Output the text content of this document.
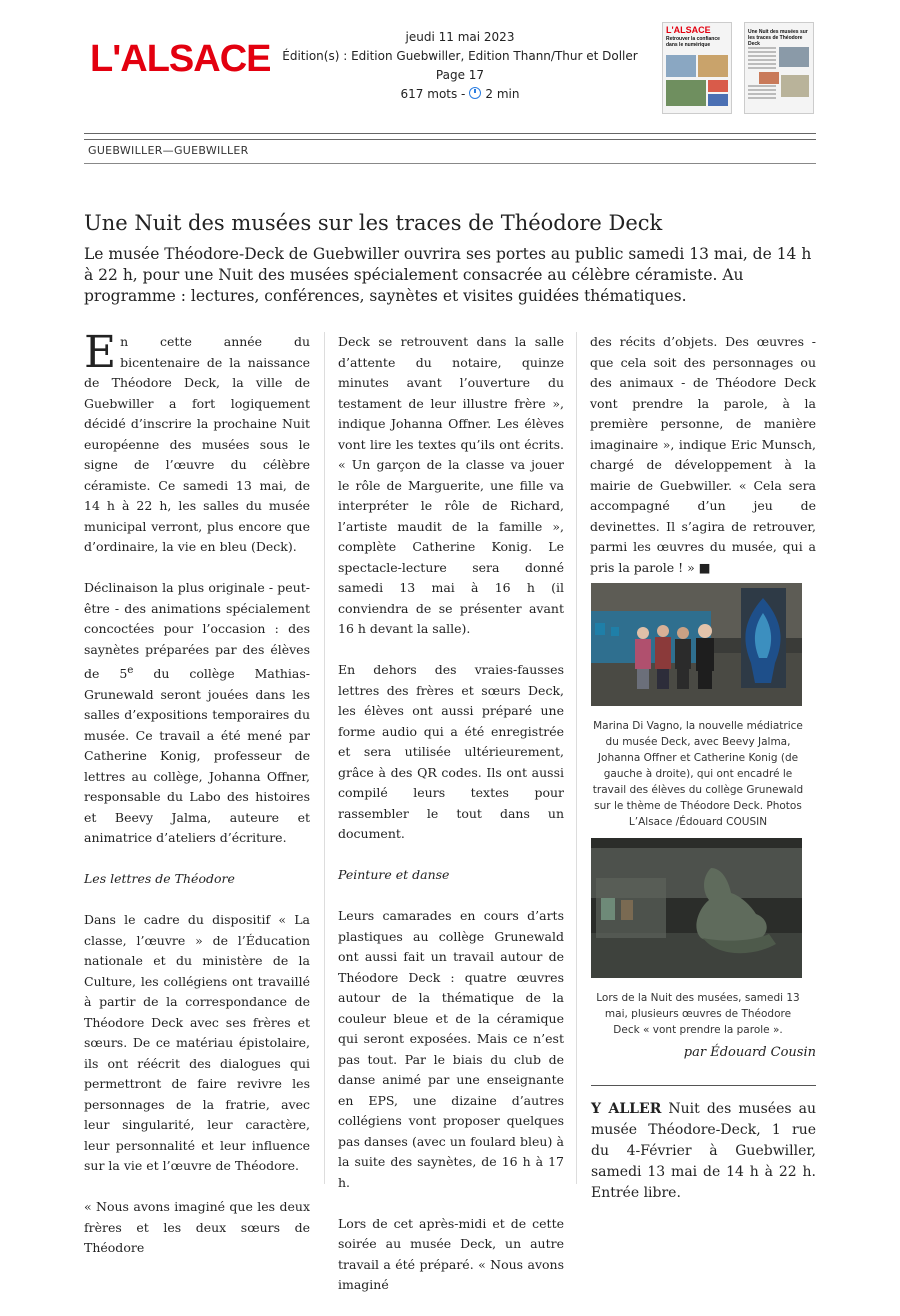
L'ALSACE
jeudi 11 mai 2023
Édition(s) : Edition Guebwiller, Edition Thann/Thur et Doller
Page 17
617 mots - 2 min
L'ALSACE
Retrouver la confiance dans le numérique
Une Nuit des musées sur les traces de Théodore Deck
GUEBWILLER—GUEBWILLER
Une Nuit des musées sur les traces de Théodore Deck

Le musée Théodore-Deck de Guebwiller ouvrira ses portes au public samedi 13 mai, de 14 h à 22 h, pour une Nuit des musées spécialement consacrée au célèbre céramiste. Au programme : lectures, conférences, saynètes et visites guidées thématiques.

En cette année du bicentenaire de la naissance de Théodore Deck, la ville de Guebwiller a fort logiquement décidé d’inscrire la prochaine Nuit européenne des musées sous le signe de l’œuvre du célèbre céramiste. Ce samedi 13 mai, de 14 h à 22 h, les salles du musée municipal verront, plus encore que d’ordinaire, la vie en bleu (Deck).

Déclinaison la plus originale - peut-être - des animations spécialement concoctées pour l’occasion : des saynètes préparées par des élèves de 5e du collège Mathias-Grunewald seront jouées dans les salles d’expositions temporaires du musée. Ce travail a été mené par Catherine Konig, professeur de lettres au collège, Johanna Offner, responsable du Labo des histoires et Beevy Jalma, auteure et animatrice d’ateliers d’écriture.

Les lettres de Théodore

Dans le cadre du dispositif « La classe, l’œuvre » de l’Éducation nationale et du ministère de la Culture, les collégiens ont travaillé à partir de la correspondance de Théodore Deck avec ses frères et sœurs. De ce matériau épistolaire, ils ont réécrit des dialogues qui permettront de faire revivre les personnages de la fratrie, avec leur singularité, leur caractère, leur personnalité et leur influence sur la vie et l’œuvre de Théodore.

« Nous avons imaginé que les deux frères et les deux sœurs de Théodore

Deck se retrouvent dans la salle d’attente du notaire, quinze minutes avant l’ouverture du testament de leur illustre frère », indique Johanna Offner. Les élèves vont lire les textes qu’ils ont écrits. « Un garçon de la classe va jouer le rôle de Marguerite, une fille va interpréter le rôle de Richard, l’artiste maudit de la famille », complète Catherine Konig. Le spectacle-lecture sera donné samedi 13 mai à 16 h (il conviendra de se présenter avant 16 h devant la salle).

En dehors des vraies-fausses lettres des frères et sœurs Deck, les élèves ont aussi préparé une forme audio qui a été enregistrée et sera utilisée ultérieurement, grâce à des QR codes. Ils ont aussi compilé leurs textes pour rassembler le tout dans un document.

Peinture et danse

Leurs camarades en cours d’arts plastiques au collège Grunewald ont aussi fait un travail autour de Théodore Deck : quatre œuvres autour de la thématique de la couleur bleue et de la céramique qui seront exposées. Mais ce n’est pas tout. Par le biais du club de danse animé par une enseignante en EPS, une dizaine d’autres collégiens vont proposer quelques pas danses (avec un foulard bleu) à la suite des saynètes, de 16 h à 17 h.

Lors de cet après-midi et de cette soirée au musée Deck, un autre travail a été préparé. « Nous avons imaginé

des récits d’objets. Des œuvres - que cela soit des personnages ou des animaux - de Théodore Deck vont prendre la parole, à la première personne, de manière imaginaire », indique Eric Munsch, chargé de développement à la mairie de Guebwiller. « Cela sera accompagné d’un jeu de devinettes. Il s’agira de retrouver, parmi les œuvres du musée, qui a pris la parole ! » ■

Marina Di Vagno, la nouvelle médiatrice du musée Deck, avec Beevy Jalma, Johanna Offner et Catherine Konig (de gauche à droite), qui ont encadré le travail des élèves du collège Grunewald sur le thème de Théodore Deck. Photos L’Alsace /Édouard COUSIN
Lors de la Nuit des musées, samedi 13 mai, plusieurs œuvres de Théodore Deck « vont prendre la parole ».
par Édouard Cousin
Y ALLER Nuit des musées au musée Théodore-Deck, 1 rue du 4-Février à Guebwiller, samedi 13 mai de 14 h à 22 h. Entrée libre.
